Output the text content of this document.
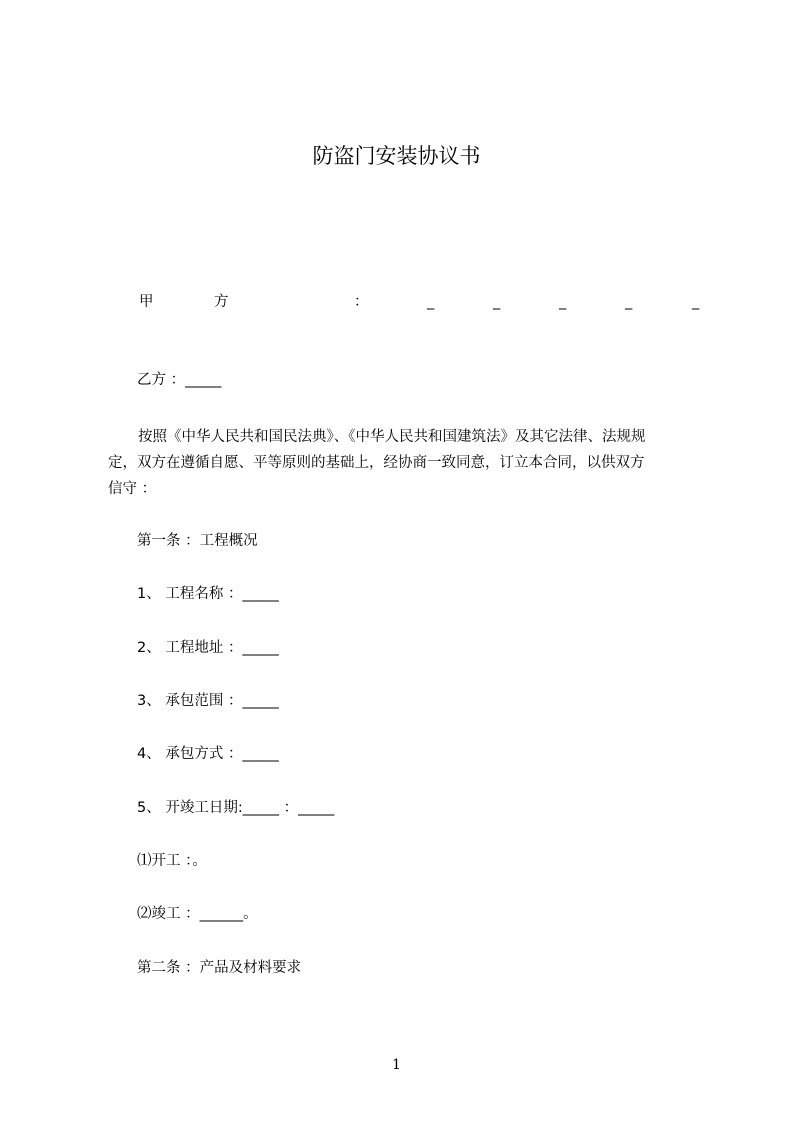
防盗门安装协议书

甲

	方

	：

	_

	_

	_

	_

	_

乙方 ：_____
按照《中华人民共和国民法典》、《中华人民共和国建筑法》及其它法律、法规规
定，双方在遵循自愿、平等原则的基础上，经协商一致同意，订立本合同，以供双方
信守 ：
第一条 ：工程概况
1、 工程名称 ：_____
2、 工程地址 ：_____
3、 承包范围 ：_____
4、 承包方式 ：_____
5、 开竣工日期:_____ ：_____
⑴开工 ：。
⑵竣工 ：______。
第二条 ：产品及材料要求
1
